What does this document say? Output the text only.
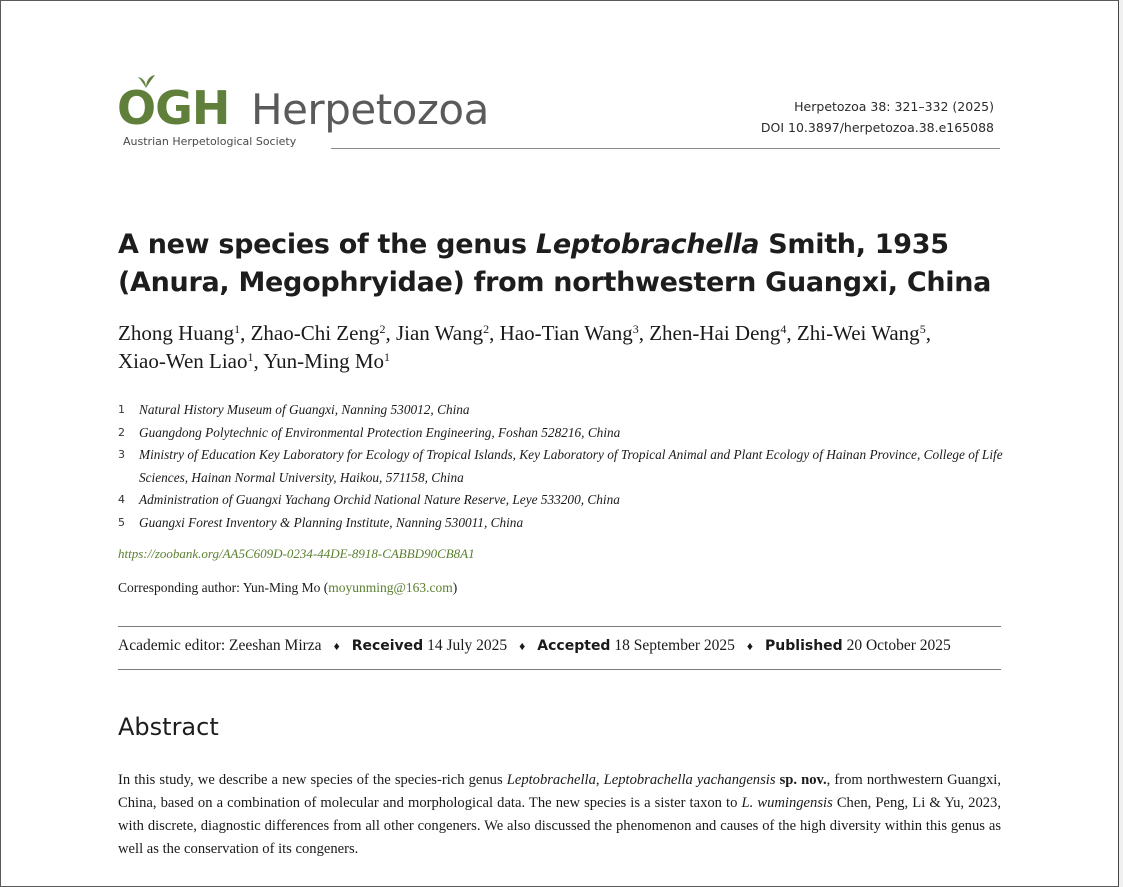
OGH Herpetozoa
Austrian Herpetological Society
Herpetozoa 38: 321–332 (2025)
DOI 10.3897/herpetozoa.38.e165088
A new species of the genus Leptobrachella Smith, 1935
(Anura, Megophryidae) from northwestern Guangxi, China
Zhong Huang$^1$, Zhao-Chi Zeng$^2$, Jian Wang$^2$, Hao-Tian Wang$^3$, Zhen-Hai Deng$^4$, Zhi-Wei Wang$^5$,
Xiao-Wen Liao$^1$, Yun-Ming Mo$^1$
1 Natural History Museum of Guangxi, Nanning 530012, China
2 Guangdong Polytechnic of Environmental Protection Engineering, Foshan 528216, China
3 Ministry of Education Key Laboratory for Ecology of Tropical Islands, Key Laboratory of Tropical Animal and Plant Ecology of Hainan Province, College of Life Sciences, Hainan Normal University, Haikou, 571158, China
4 Administration of Guangxi Yachang Orchid National Nature Reserve, Leye 533200, China
5 Guangxi Forest Inventory & Planning Institute, Nanning 530011, China
https://zoobank.org/AA5C609D-0234-44DE-8918-CABBD90CB8A1
Corresponding author: Yun-Ming Mo (moyunming@163.com)
Academic editor: Zeeshan Mirza ♦ Received 14 July 2025 ♦ Accepted 18 September 2025 ♦ Published 20 October 2025
Abstract
In this study, we describe a new species of the species-rich genus Leptobrachella, Leptobrachella yachangensis sp. nov., from northwestern Guangxi, China, based on a combination of molecular and morphological data. The new species is a sister taxon to L. wumingensis Chen, Peng, Li & Yu, 2023, with discrete, diagnostic differences from all other congeners. We also discussed the phenomenon and causes of the high diversity within this genus as well as the conservation of its congeners.
